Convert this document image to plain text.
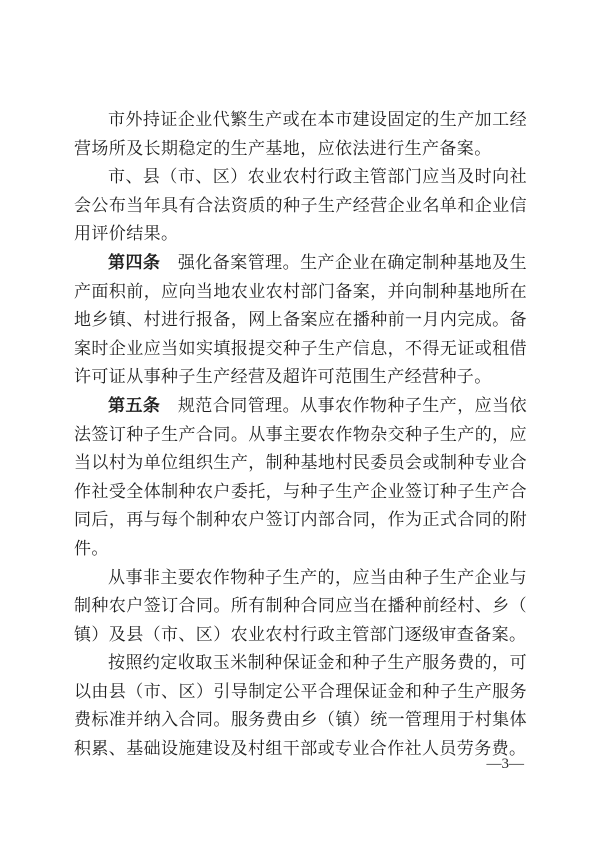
市外持证企业代繁生产或在本市建设固定的生产加工经营场所及长期稳定的生产基地，应依法进行生产备案。

市、县（市、区）农业农村行政主管部门应当及时向社会公布当年具有合法资质的种子生产经营企业名单和企业信用评价结果。

第四条　强化备案管理。生产企业在确定制种基地及生产面积前，应向当地农业农村部门备案，并向制种基地所在地乡镇、村进行报备，网上备案应在播种前一月内完成。备案时企业应当如实填报提交种子生产信息，不得无证或租借许可证从事种子生产经营及超许可范围生产经营种子。

第五条　规范合同管理。从事农作物种子生产，应当依法签订种子生产合同。从事主要农作物杂交种子生产的，应当以村为单位组织生产，制种基地村民委员会或制种专业合作社受全体制种农户委托，与种子生产企业签订种子生产合同后，再与每个制种农户签订内部合同，作为正式合同的附件。

从事非主要农作物种子生产的，应当由种子生产企业与制种农户签订合同。所有制种合同应当在播种前经村、乡（镇）及县（市、区）农业农村行政主管部门逐级审查备案。

按照约定收取玉米制种保证金和种子生产服务费的，可以由县（市、区）引导制定公平合理保证金和种子生产服务费标准并纳入合同。服务费由乡（镇）统一管理用于村集体积累、基础设施建设及村组干部或专业合作社人员劳务费。

—3—
